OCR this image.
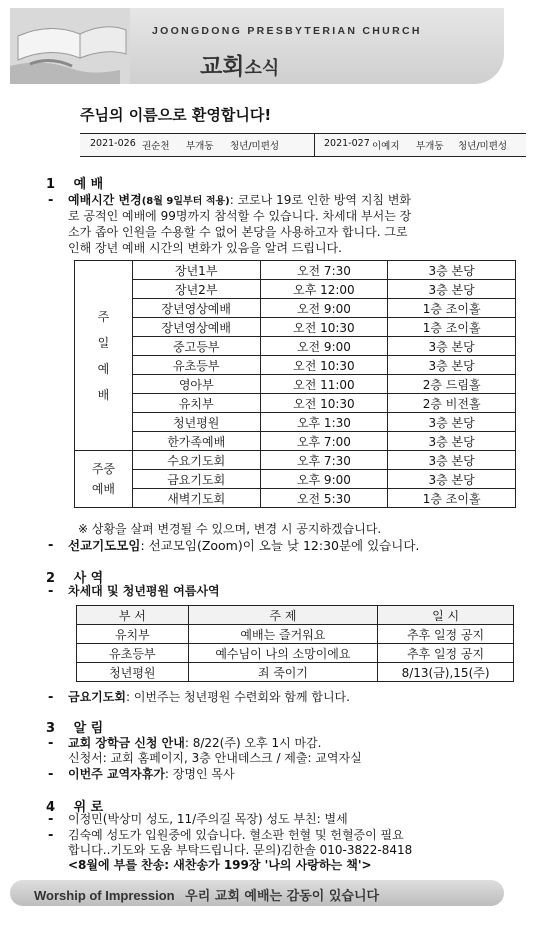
JOONGDONG PRESBYTERIAN CHURCH
교회소식
주님의 이름으로 환영합니다!
2021-026 권순천 부개동 청년/미편성	2021-027 이예지 부개동 청년/미편성
1 예 배
- 예배시간 변경(8월 9일부터 적용): 코로나 19로 인한 방역 지침 변화
로 공적인 예배에 99명까지 참석할 수 있습니다. 차세대 부서는 장
소가 좁아 인원을 수용할 수 없어 본당을 사용하고자 합니다. 그로
인해 장년 예배 시간의 변화가 있음을 알려 드립니다.
주
일
예
배	장년1부	오전 7:30	3층 본당
	장년2부	오후 12:00	3층 본당
	장년영상예배	오전 9:00	1층 조이홀
	장년영상예배	오전 10:30	1층 조이홀
	중고등부	오전 9:00	3층 본당
	유초등부	오전 10:30	3층 본당
	영아부	오전 11:00	2층 드림홀
	유치부	오전 10:30	2층 비전홀
	청년평원	오후 1:30	3층 본당
	한가족예배	오후 7:00	3층 본당

주중
예배	수요기도회	오후 7:30	3층 본당
	금요기도회	오후 9:00	3층 본당
	새벽기도회	오전 5:30	1층 조이홀
※ 상황을 살펴 변경될 수 있으며, 변경 시 공지하겠습니다.
- 선교기도모임: 선교모임(Zoom)이 오늘 낮 12:30분에 있습니다.
2 사 역
- 차세대 및 청년평원 여름사역
부 서	주 제	일 시
유치부	예배는 즐거워요	추후 일정 공지
유초등부	예수님이 나의 소망이에요	추후 일정 공지
청년평원	죄 죽이기	8/13(금),15(주)
- 금요기도회: 이번주는 청년평원 수련회와 함께 합니다.
3 알 림
- 교회 장학금 신청 안내: 8/22(주) 오후 1시 마감.
신청서: 교회 홈페이지, 3층 안내데스크 / 제출: 교역자실
- 이번주 교역자휴가: 장명인 목사
4 위 로
- 이정민(박상미 성도, 11/주의길 목장) 성도 부친: 별세
- 김숙예 성도가 입원중에 있습니다. 혈소판 헌혈 및 헌혈증이 필요
합니다..기도와 도움 부탁드립니다. 문의)김한솔 010-3822-8418
<8월에 부를 찬송: 새찬송가 199장 '나의 사랑하는 책'>
Worship of Impression 우리 교회 예배는 감동이 있습니다
